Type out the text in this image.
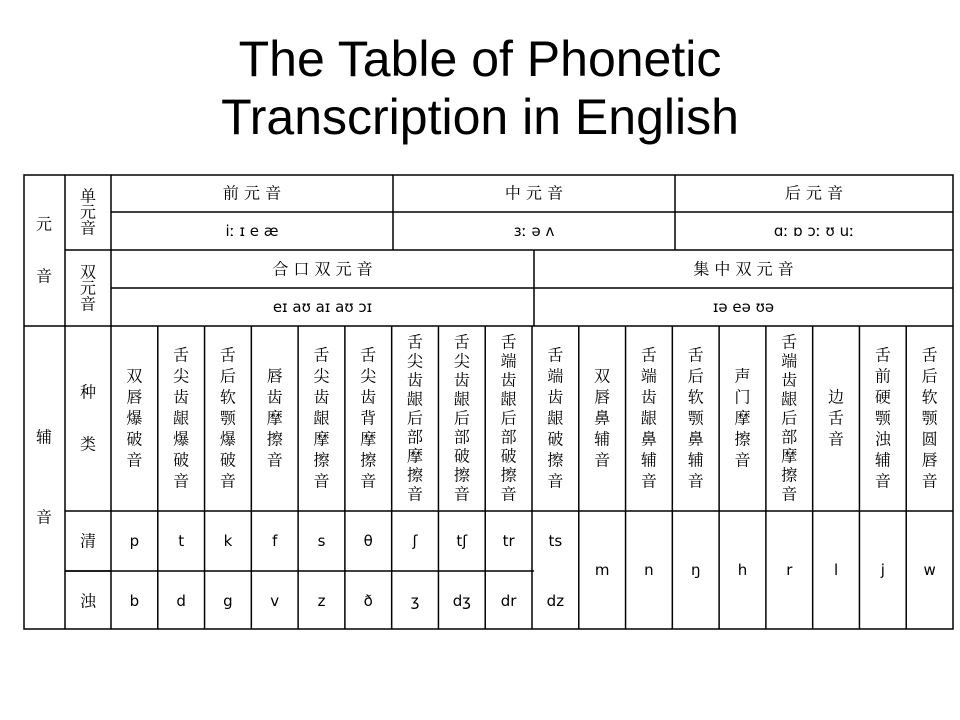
The Table of Phonetic
Transcription in English
元
音
辅
音
单
元
音
双
元
音
前 元 音
iː ɪ e æ
中 元 音
ɜː ə ʌ
后 元 音
ɑː ɒ ɔː ʊ uː
合 口 双 元 音
eɪ aʊ aɪ aʊ ɔɪ
集 中 双 元 音
ɪə eə ʊə
种
类
清
浊
双
唇
爆
破
音
p
b
舌
尖
齿
龈
爆
破
音
t
d
舌
后
软
颚
爆
破
音
k
g
唇
齿
摩
擦
音
f
v
舌
尖
齿
龈
摩
擦
音
s
z
舌
尖
齿
背
摩
擦
音
θ
ð
舌
尖
齿
龈
后
部
摩
擦
音
ʃ
ʒ
舌
尖
齿
龈
后
部
破
擦
音
tʃ
dʒ
舌
端
齿
龈
后
部
破
擦
音
tr
dr
舌
端
齿
龈
破
擦
音
ts
dz
双
唇
鼻
辅
音
m
舌
端
齿
龈
鼻
辅
音
n
舌
后
软
颚
鼻
辅
音
ŋ
声
门
摩
擦
音
h
舌
端
齿
龈
后
部
摩
擦
音
r
边
舌
音
l
舌
前
硬
颚
浊
辅
音
j
舌
后
软
颚
圆
唇
音
w
